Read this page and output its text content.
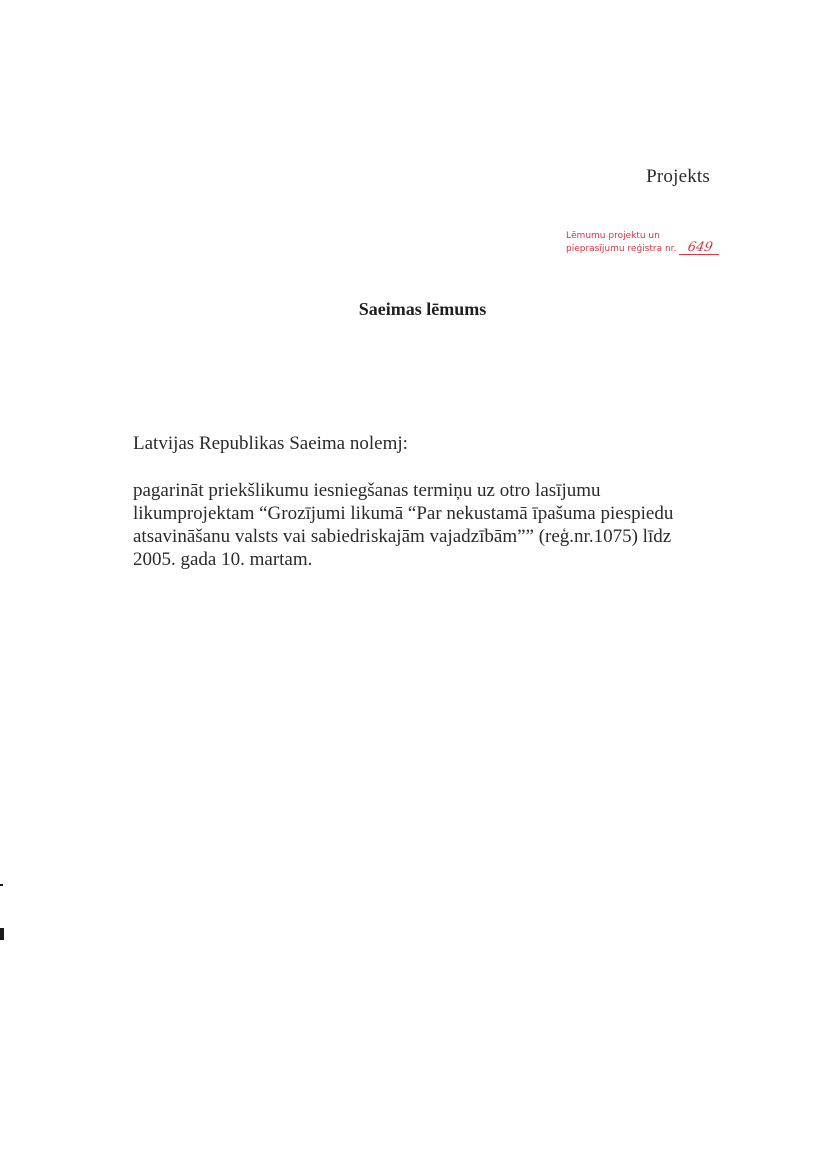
Projekts
Lēmumu projektu un
pieprasījumu reģistra nr. 649
Saeimas lēmums
Latvijas Republikas Saeima nolemj:
pagarināt priekšlikumu iesniegšanas termiņu uz otro lasījumu
likumprojektam “Grozījumi likumā “Par nekustamā īpašuma piespiedu
atsavināšanu valsts vai sabiedriskajām vajadzībām”” (reģ.nr.1075) līdz
2005. gada 10. martam.
